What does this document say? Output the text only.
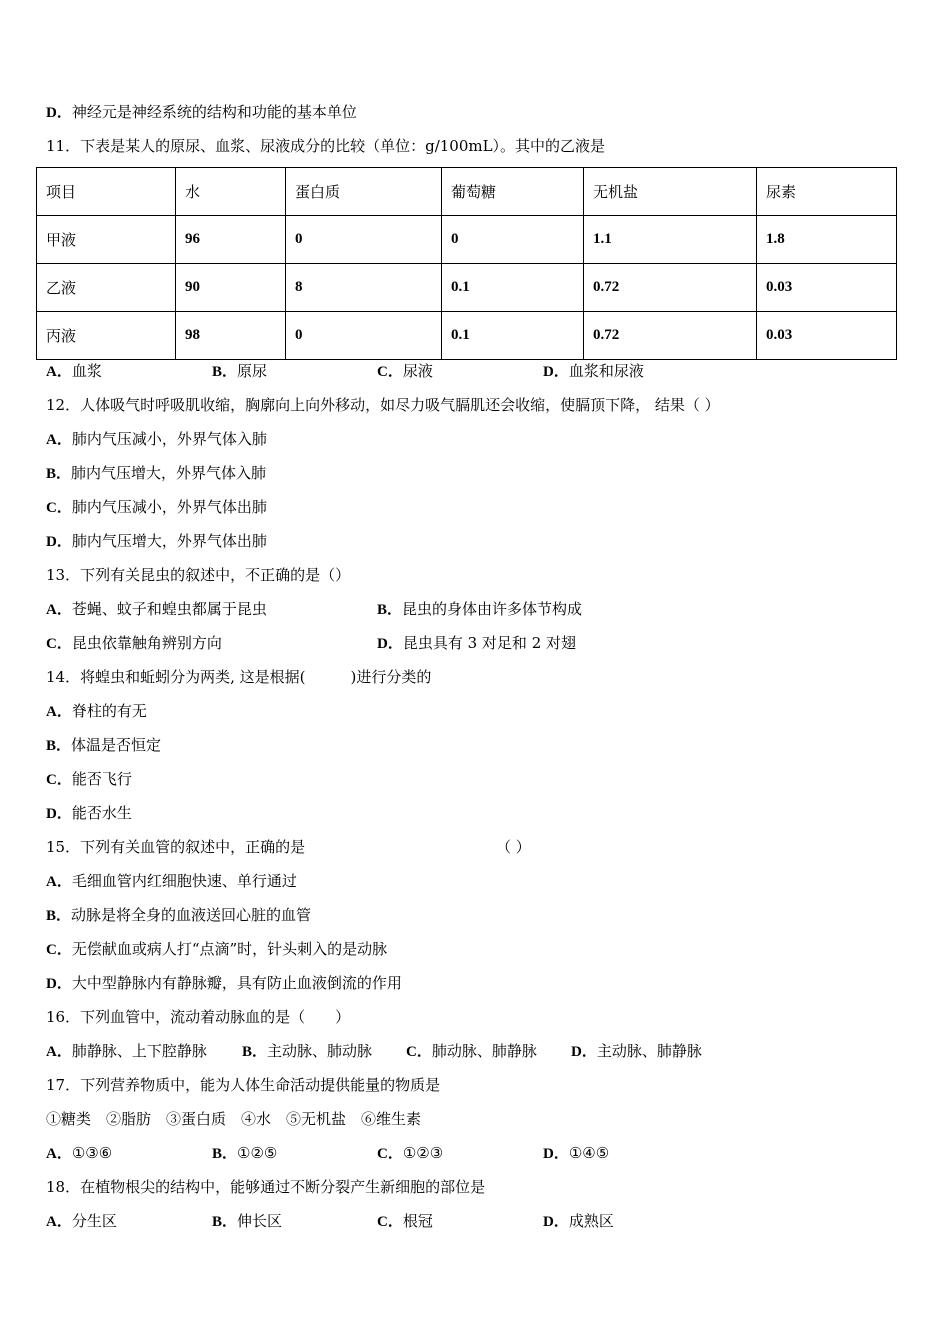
D．神经元是神经系统的结构和功能的基本单位
11．下表是某人的原尿、血浆、尿液成分的比较（单位：g/100mL）。其中的乙液是
项目	水	蛋白质	葡萄糖	无机盐	尿素
甲液	96	0	0	1.1	1.8
乙液	90	8	0.1	0.72	0.03
丙液	98	0	0.1	0.72	0.03
A．血浆	B．原尿	C．尿液	D．血浆和尿液
12．人体吸气时呼吸肌收缩，胸廓向上向外移动，如尽力吸气膈肌还会收缩，使膈顶下降， 结果（ ）
A．肺内气压减小，外界气体入肺
B．肺内气压增大，外界气体入肺
C．肺内气压减小，外界气体出肺
D．肺内气压增大，外界气体出肺
13．下列有关昆虫的叙述中，不正确的是（）
A．苍蝇、蚊子和蝗虫都属于昆虫	B．昆虫的身体由许多体节构成
C．昆虫依靠触角辨别方向	D．昆虫具有 3 对足和 2 对翅
14．将蝗虫和蚯蚓分为两类, 这是根据(　　　)进行分类的
A．脊柱的有无
B．体温是否恒定
C．能否飞行
D．能否水生
15．下列有关血管的叙述中，正确的是	（ ）
A．毛细血管内红细胞快速、单行通过
B．动脉是将全身的血液送回心脏的血管
C．无偿献血或病人打“点滴”时，针头刺入的是动脉
D．大中型静脉内有静脉瓣，具有防止血液倒流的作用
16．下列血管中，流动着动脉血的是（　　）
A．肺静脉、上下腔静脉 B．主动脉、肺动脉 C．肺动脉、肺静脉 D．主动脉、肺静脉
17．下列营养物质中，能为人体生命活动提供能量的物质是
①糖类　②脂肪　③蛋白质　④水　⑤无机盐　⑥维生素
A．①③⑥	B．①②⑤	C．①②③	D．①④⑤
18．在植物根尖的结构中，能够通过不断分裂产生新细胞的部位是
A．分生区	B．伸长区	C．根冠	D．成熟区
